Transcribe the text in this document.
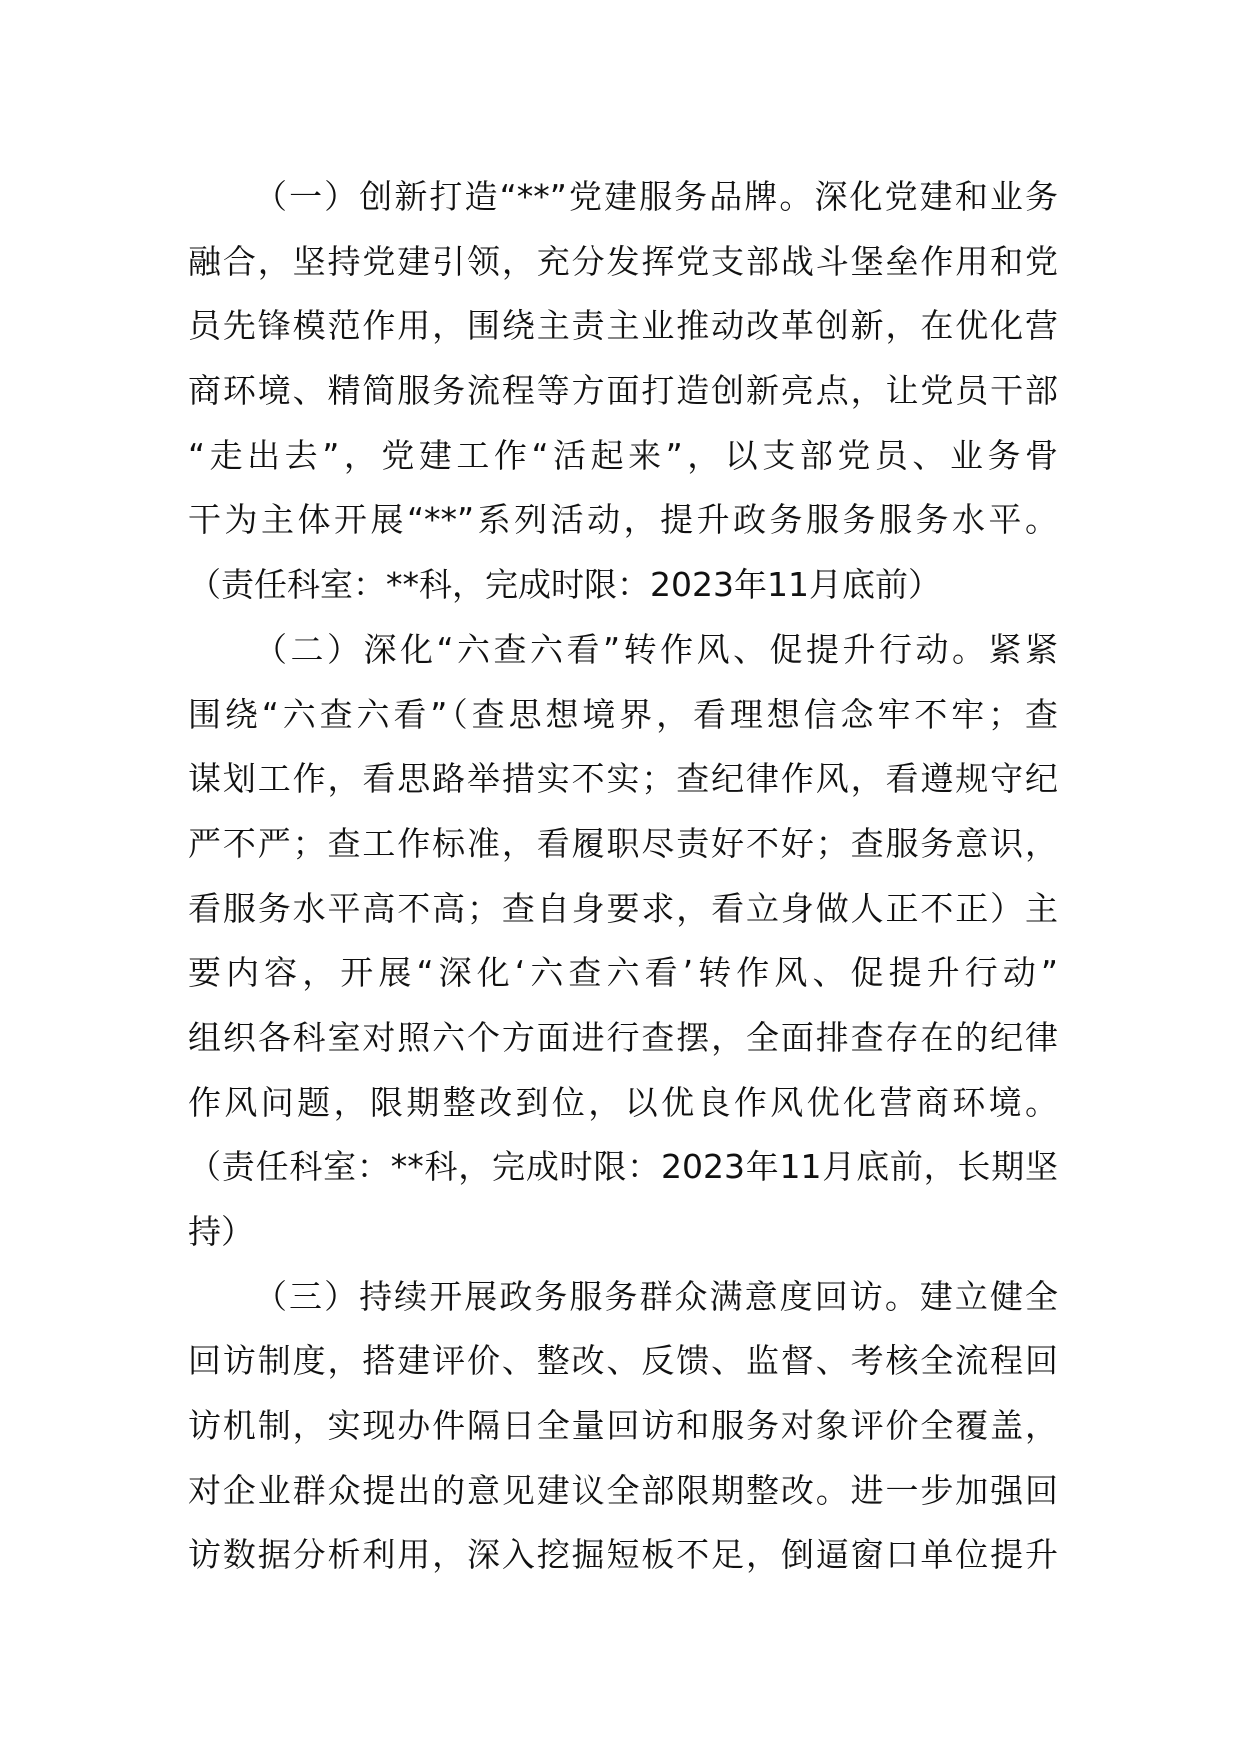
（一）创新打造“**”党建服务品牌。深化党建和业务
融合，坚持党建引领，充分发挥党支部战斗堡垒作用和党
员先锋模范作用，围绕主责主业推动改革创新，在优化营
商环境、精简服务流程等方面打造创新亮点，让党员干部
“走出去”，党建工作“活起来”，以支部党员、业务骨
干为主体开展“**”系列活动，提升政务服务服务水平。
（责任科室：**科，完成时限：2023年11月底前）
（二）深化“六查六看”转作风、促提升行动。紧紧
围绕“六查六看”（查思想境界，看理想信念牢不牢；查
谋划工作，看思路举措实不实；查纪律作风，看遵规守纪
严不严；查工作标准，看履职尽责好不好；查服务意识，
看服务水平高不高；查自身要求，看立身做人正不正）主
要内容，开展“深化‘六查六看’转作风、促提升行动”
组织各科室对照六个方面进行查摆，全面排查存在的纪律
作风问题，限期整改到位，以优良作风优化营商环境。
（责任科室：**科，完成时限：2023年11月底前，长期坚
持）
（三）持续开展政务服务群众满意度回访。建立健全
回访制度，搭建评价、整改、反馈、监督、考核全流程回
访机制，实现办件隔日全量回访和服务对象评价全覆盖，
对企业群众提出的意见建议全部限期整改。进一步加强回
访数据分析利用，深入挖掘短板不足，倒逼窗口单位提升
